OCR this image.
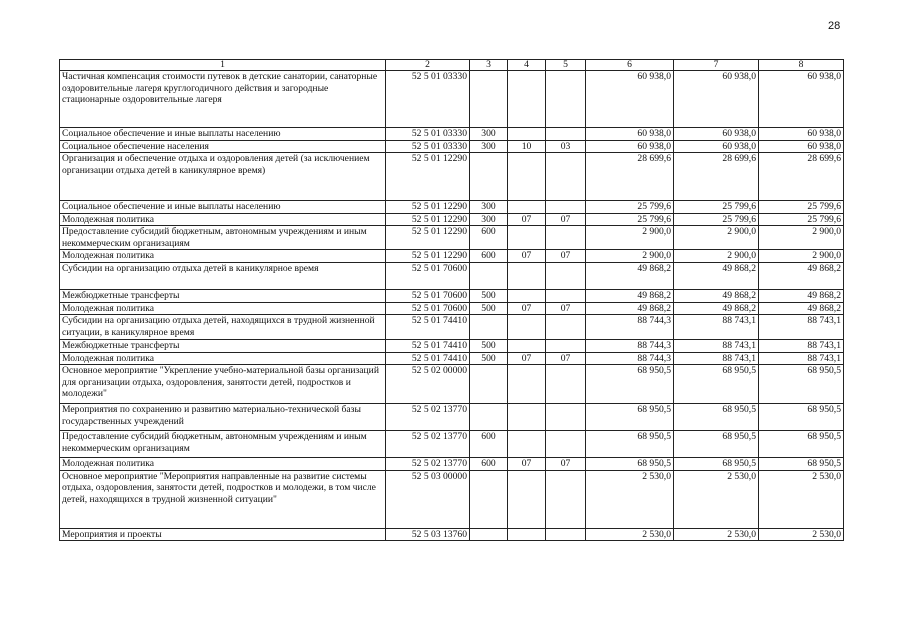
28
1	2	3	4	5	6	7	8
Частичная компенсация стоимости путевок в детские санатории, санаторные оздоровительные лагеря круглогодичного действия и загородные стационарные оздоровительные лагеря	52 5 01 03330				60 938,0	60 938,0	60 938,0
Социальное обеспечение и иные выплаты населению	52 5 01 03330	300			60 938,0	60 938,0	60 938,0
Социальное обеспечение населения	52 5 01 03330	300	10	03	60 938,0	60 938,0	60 938,0
Организация и обеспечение отдыха и оздоровления детей (за исключением организации отдыха детей в каникулярное время)	52 5 01 12290				28 699,6	28 699,6	28 699,6
Социальное обеспечение и иные выплаты населению	52 5 01 12290	300			25 799,6	25 799,6	25 799,6
Молодежная политика	52 5 01 12290	300	07	07	25 799,6	25 799,6	25 799,6
Предоставление субсидий бюджетным, автономным учреждениям и иным некоммерческим организациям	52 5 01 12290	600			2 900,0	2 900,0	2 900,0
Молодежная политика	52 5 01 12290	600	07	07	2 900,0	2 900,0	2 900,0
Субсидии на организацию отдыха детей в каникулярное время	52 5 01 70600				49 868,2	49 868,2	49 868,2
Межбюджетные трансферты	52 5 01 70600	500			49 868,2	49 868,2	49 868,2
Молодежная политика	52 5 01 70600	500	07	07	49 868,2	49 868,2	49 868,2
Субсидии на организацию отдыха детей, находящихся в трудной жизненной ситуации, в каникулярное время	52 5 01 74410				88 744,3	88 743,1	88 743,1
Межбюджетные трансферты	52 5 01 74410	500			88 744,3	88 743,1	88 743,1
Молодежная политика	52 5 01 74410	500	07	07	88 744,3	88 743,1	88 743,1
Основное мероприятие "Укрепление учебно-материальной базы организаций для организации отдыха, оздоровления, занятости детей, подростков и молодежи"	52 5 02 00000				68 950,5	68 950,5	68 950,5
Мероприятия по сохранению и развитию материально-технической базы государственных учреждений	52 5 02 13770				68 950,5	68 950,5	68 950,5
Предоставление субсидий бюджетным, автономным учреждениям и иным некоммерческим организациям	52 5 02 13770	600			68 950,5	68 950,5	68 950,5
Молодежная политика	52 5 02 13770	600	07	07	68 950,5	68 950,5	68 950,5
Основное мероприятие "Мероприятия направленные на развитие системы отдыха, оздоровления, занятости детей, подростков и молодежи, в том числе детей, находящихся в трудной жизненной ситуации"	52 5 03 00000				2 530,0	2 530,0	2 530,0
Мероприятия и проекты	52 5 03 13760				2 530,0	2 530,0	2 530,0
